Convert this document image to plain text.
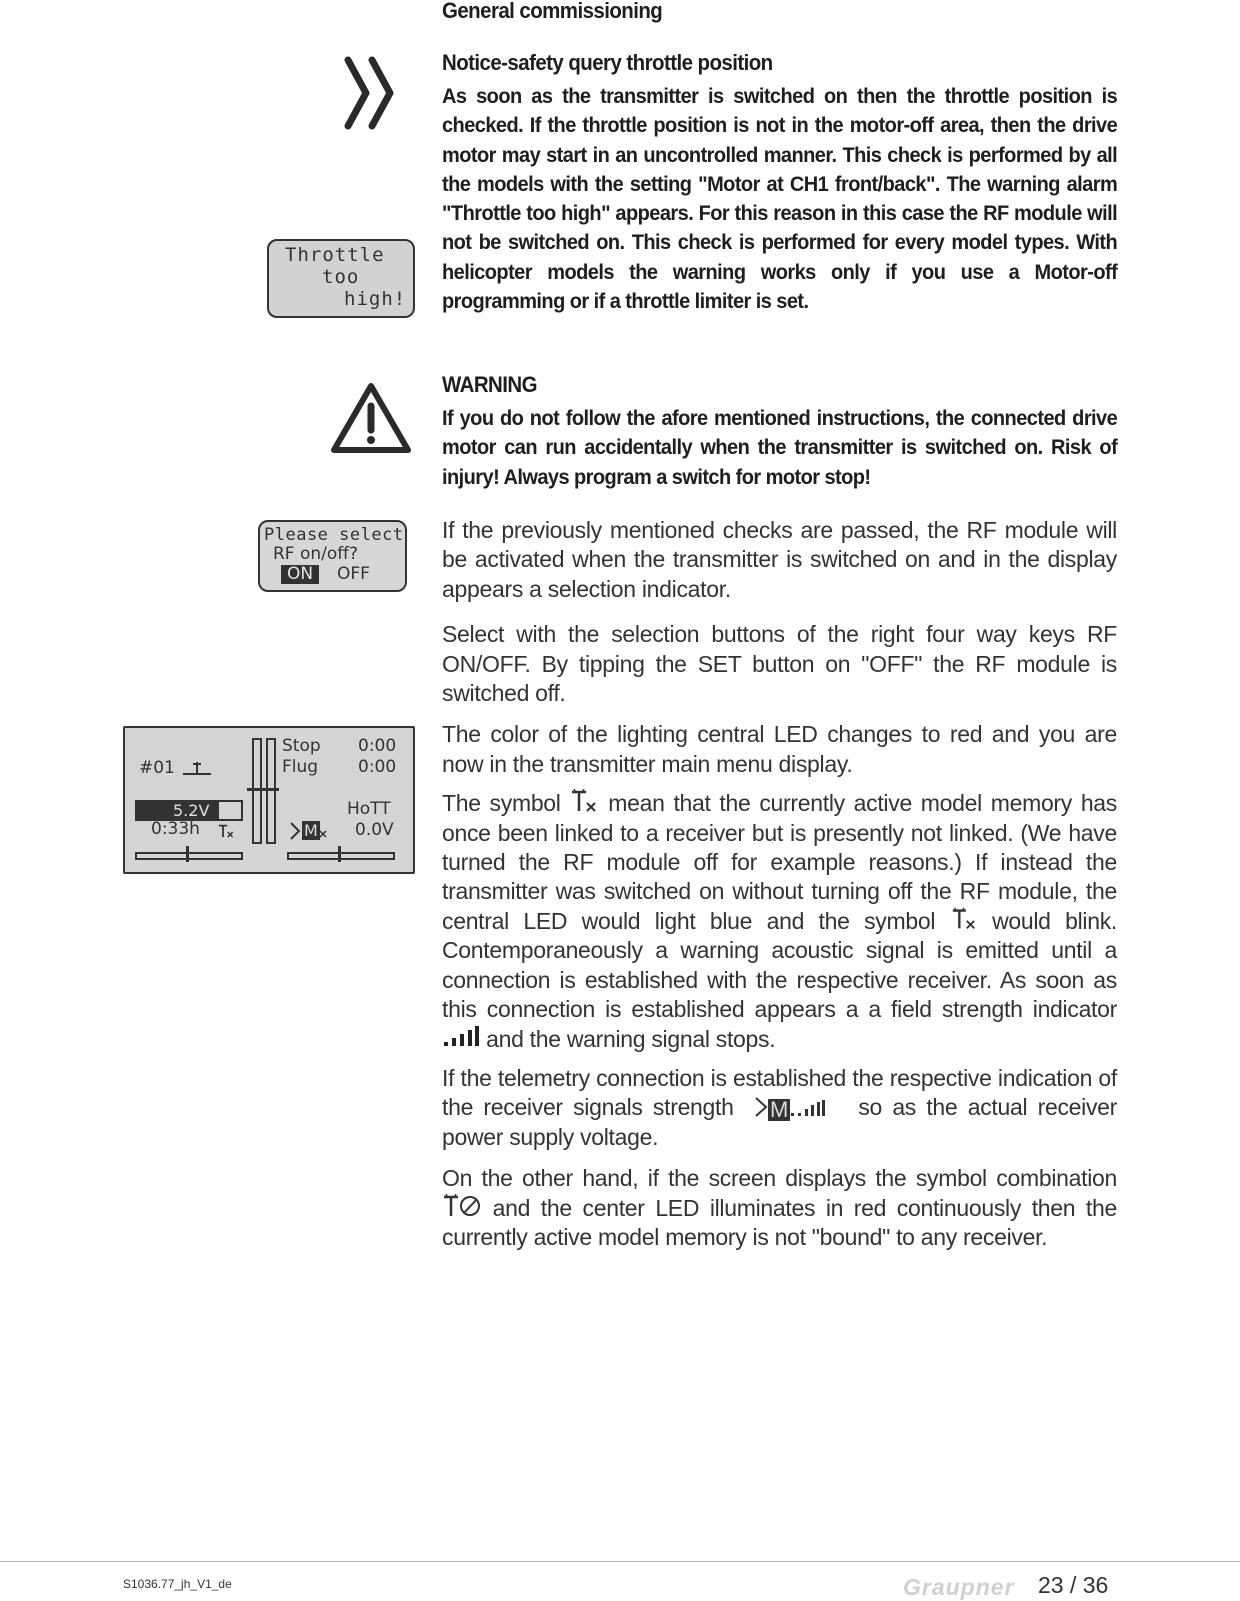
General commissioning
Notice-safety query throttle position
As soon as the transmitter is switched on then the throttle position is checked. If the throttle position is not in the motor-off area, then the drive motor may start in an uncontrolled manner. This check is performed by all the models with the setting "Motor at CH1 front/back". The warning alarm "Throttle too high" appears. For this reason in this case the RF module will not be switched on. This check is performed for every model types. With helicopter models the warning works only if you use a Motor-off programming or if a throttle limiter is set.
Throttle
too
high!
WARNING
If you do not follow the afore mentioned instructions, the connected drive motor can run accidentally when the transmitter is switched on. Risk of injury! Always program a switch for motor stop!
Please select
RF on/off?
ON	OFF

If the previously mentioned checks are passed, the RF module will be activated when the transmitter is switched on and in the display appears a selection indicator.

Select with the selection buttons of the right four way keys RF ON/OFF. By tipping the SET button on "OFF" the RF module is switched off.

The color of the lighting central LED changes to red and you are now in the transmitter main menu display.

The symbol mean that the currently active model memory has once been linked to a receiver but is presently not linked. (We have turned the RF module off for example reasons.) If instead the transmitter was switched on without turning off the RF module, the central LED would light blue and the symbol would blink. Contemporaneously a warning acoustic signal is emitted until a connection is established with the respective receiver. As soon as this connection is established appears a a field strength indicator  and the warning signal stops.

If the telemetry connection is established the respective indication of the receiver signals strength M	so as the actual receiver power supply voltage.

On the other hand, if the screen displays the symbol combination  and the center LED illuminates in red continuously then the currently active model memory is not "bound" to any receiver.

#01
5.2V
0:33h
Stop 0:00
Flug 0:00
HoTT
M 0.0V
S1036.77_jh_V1_de	Graupner 23 / 36
